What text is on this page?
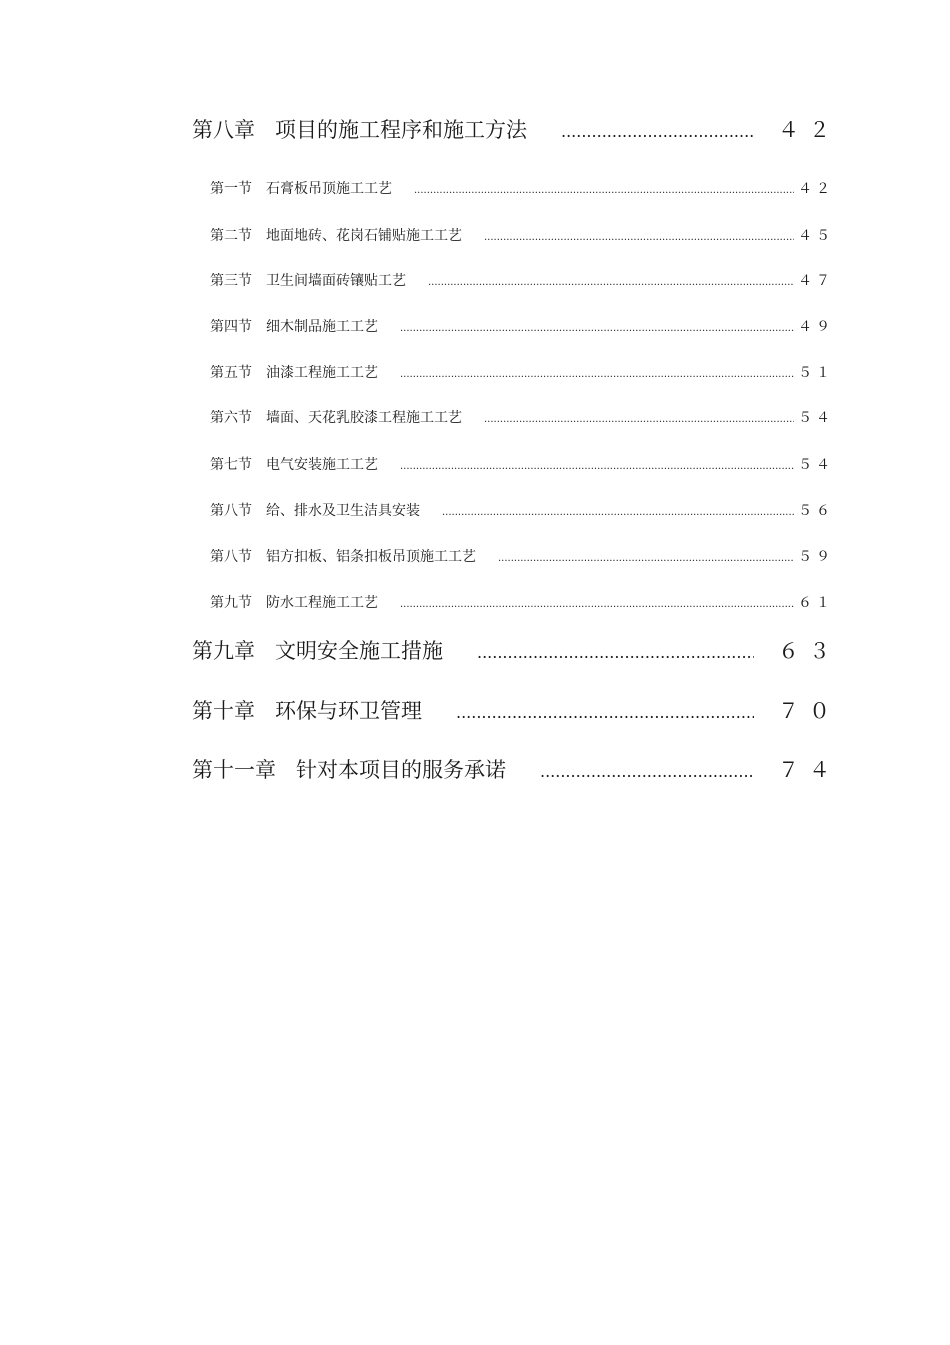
第八章 项目的施工程序和施工方法 .....	４２
第一节 石膏板吊顶施工工艺 .....	４２
第二节 地面地砖、花岗石铺贴施工工艺 .....	４５
第三节 卫生间墙面砖镶贴工艺 .....	４７
第四节 细木制品施工工艺 .....	４９
第五节 油漆工程施工工艺 .....	５１
第六节 墙面、天花乳胶漆工程施工工艺 .....	５４
第七节 电气安装施工工艺 .....	５４
第八节 给、排水及卫生洁具安装 .....	５６
第八节 铝方扣板、铝条扣板吊顶施工工艺 .....	５９
第九节 防水工程施工工艺 .....	６１
第九章 文明安全施工措施 .....	６３
第十章 环保与环卫管理 .....	７０
第十一章 针对本项目的服务承诺 .....	７４
